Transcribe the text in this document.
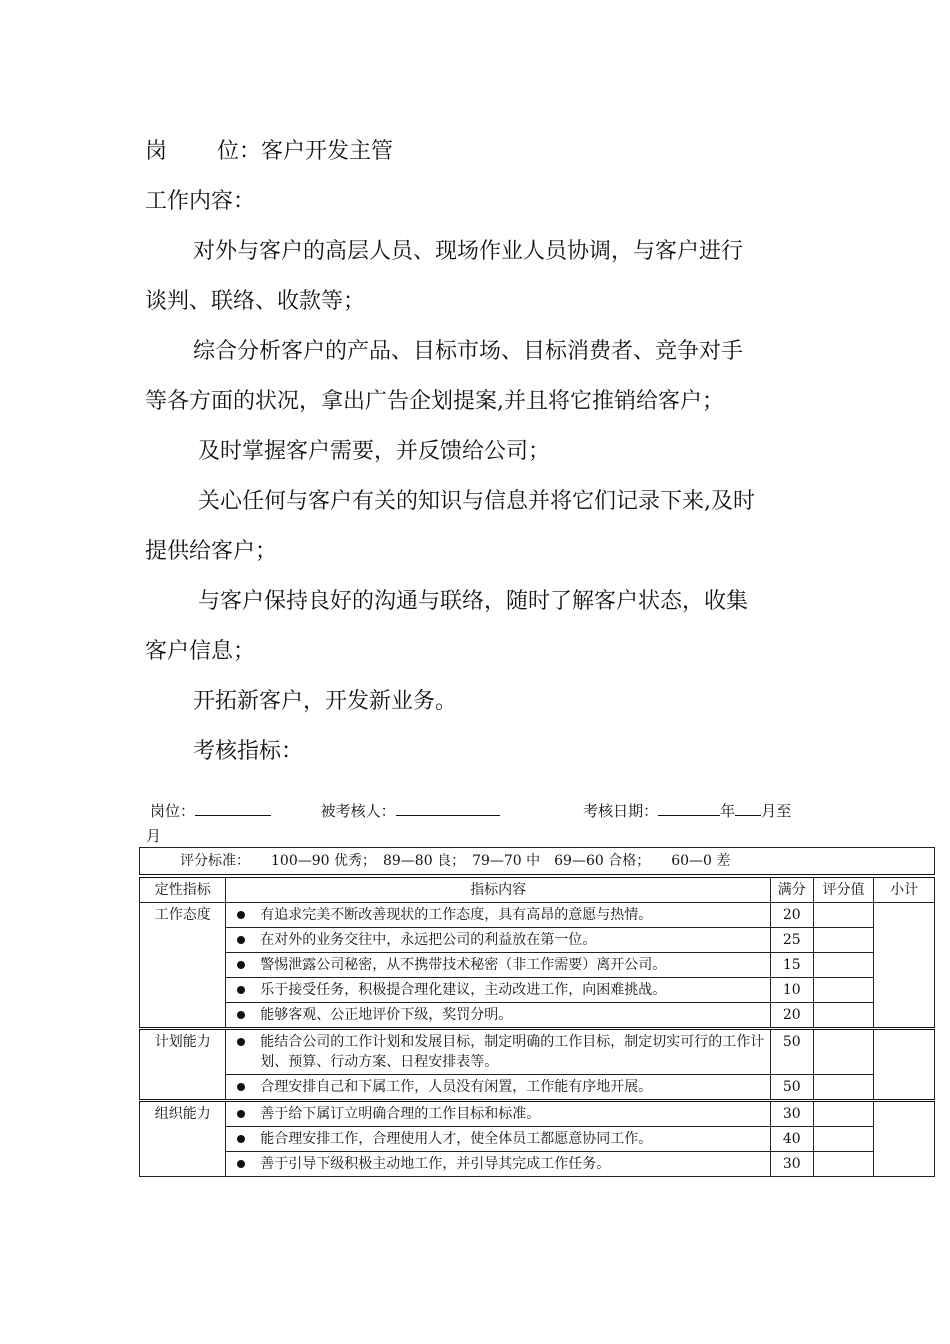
岗 位：客户开发主管
工作内容：
对外与客户的高层人员、现场作业人员协调，与客户进行
谈判、联络、收款等；
综合分析客户的产品、目标市场、目标消费者、竞争对手
等各方面的状况，拿出广告企划提案,并且将它推销给客户；
及时掌握客户需要，并反馈给公司；
关心任何与客户有关的知识与信息并将它们记录下来,及时
提供给客户；
与客户保持良好的沟通与联络，随时了解客户状态，收集
客户信息；
开拓新客户，开发新业务。
考核指标：
岗位：	被考核人：	考核日期：	年 月至
月
评分标准：　　100—90 优秀；　89—80 良；　79—70 中　69—60 合格；　　60—0 差					
定性指标	指标内容		满分	评分值	小计
工作态度		有追求完美不断改善现状的工作态度，具有高昂的意愿与热情。	20		
		在对外的业务交往中，永远把公司的利益放在第一位。	25		
		警惕泄露公司秘密，从不携带技术秘密（非工作需要）离开公司。	15		
		乐于接受任务，积极提合理化建议，主动改进工作，向困难挑战。	10		
		能够客观、公正地评价下级，奖罚分明。	20		
计划能力		能结合公司的工作计划和发展目标，制定明确的工作目标，制定切实可行的工作计划、预算、行动方案、日程安排表等。	50		
		合理安排自己和下属工作，人员没有闲置，工作能有序地开展。	50		
组织能力		善于给下属订立明确合理的工作目标和标准。	30		
		能合理安排工作，合理使用人才，使全体员工都愿意协同工作。	40		
		善于引导下级积极主动地工作，并引导其完成工作任务。	30		
